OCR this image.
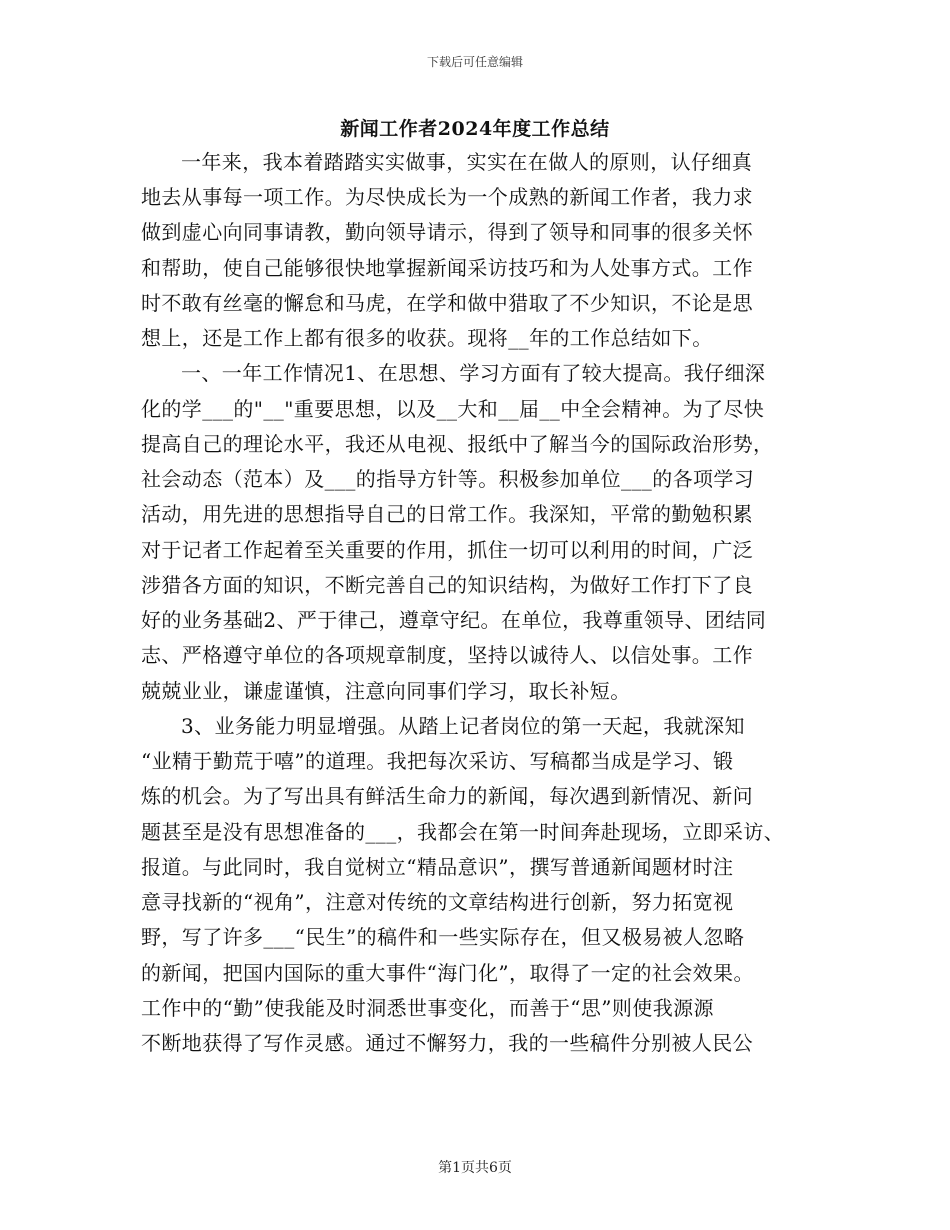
下载后可任意编辑
新闻工作者2024年度工作总结
一年来，我本着踏踏实实做事，实实在在做人的原则，认仔细真
地去从事每一项工作。为尽快成长为一个成熟的新闻工作者，我力求
做到虚心向同事请教，勤向领导请示，得到了领导和同事的很多关怀
和帮助，使自己能够很快地掌握新闻采访技巧和为人处事方式。工作
时不敢有丝毫的懈怠和马虎，在学和做中猎取了不少知识，不论是思
想上，还是工作上都有很多的收获。现将__年的工作总结如下。
一、一年工作情况1、在思想、学习方面有了较大提高。我仔细深
化的学___的"__"重要思想，以及__大和__届__中全会精神。为了尽快
提高自己的理论水平，我还从电视、报纸中了解当今的国际政治形势，
社会动态（范本）及___的指导方针等。积极参加单位___的各项学习
活动，用先进的思想指导自己的日常工作。我深知，平常的勤勉积累
对于记者工作起着至关重要的作用，抓住一切可以利用的时间，广泛
涉猎各方面的知识，不断完善自己的知识结构，为做好工作打下了良
好的业务基础2、严于律己，遵章守纪。在单位，我尊重领导、团结同
志、严格遵守单位的各项规章制度，坚持以诚待人、以信处事。工作
兢兢业业，谦虚谨慎，注意向同事们学习，取长补短。
3、业务能力明显增强。从踏上记者岗位的第一天起，我就深知
“业精于勤荒于嘻”的道理。我把每次采访、写稿都当成是学习、锻
炼的机会。为了写出具有鲜活生命力的新闻，每次遇到新情况、新问
题甚至是没有思想准备的___，我都会在第一时间奔赴现场，立即采访、
报道。与此同时，我自觉树立“精品意识”，撰写普通新闻题材时注
意寻找新的“视角”，注意对传统的文章结构进行创新，努力拓宽视
野，写了许多___“民生”的稿件和一些实际存在，但又极易被人忽略
的新闻，把国内国际的重大事件“海门化”，取得了一定的社会效果。
工作中的“勤”使我能及时洞悉世事变化，而善于“思”则使我源源
不断地获得了写作灵感。通过不懈努力，我的一些稿件分别被人民公
第1页共6页
